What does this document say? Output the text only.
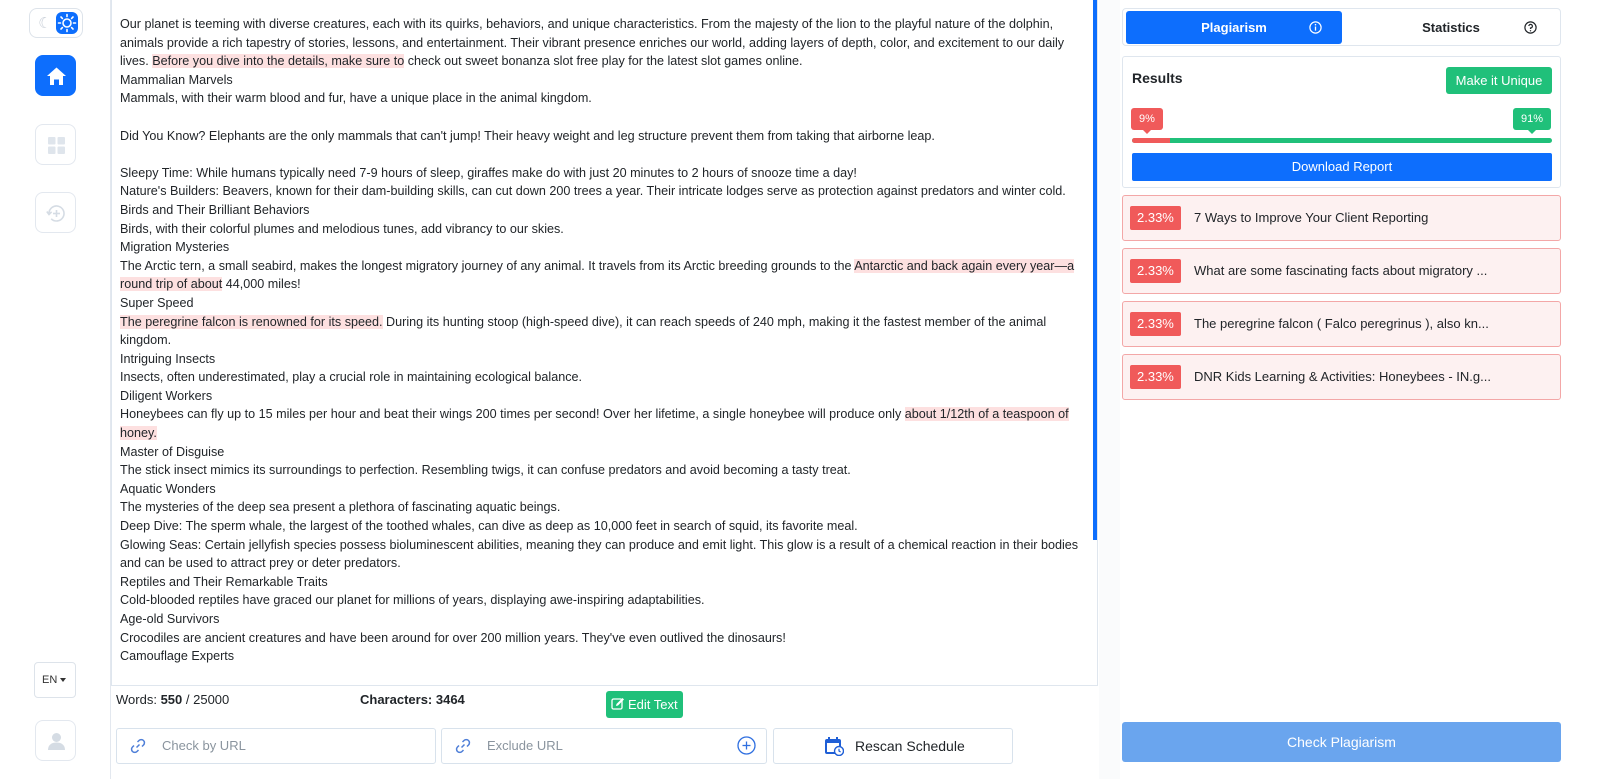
☾
EN

Our planet is teeming with diverse creatures, each with its quirks, behaviors, and unique characteristics. From the majesty of the lion to the playful nature of the dolphin, animals provide a rich tapestry of stories, lessons, and entertainment. Their vibrant presence enriches our world, adding layers of depth, color, and excitement to our daily lives. Before you dive into the details, make sure to check out sweet bonanza slot free play for the latest slot games online.

Mammalian Marvels

Mammals, with their warm blood and fur, have a unique place in the animal kingdom.

Did You Know? Elephants are the only mammals that can't jump! Their heavy weight and leg structure prevent them from taking that airborne leap.

Sleepy Time: While humans typically need 7-9 hours of sleep, giraffes make do with just 20 minutes to 2 hours of snooze time a day!

Nature's Builders: Beavers, known for their dam-building skills, can cut down 200 trees a year. Their intricate lodges serve as protection against predators and winter cold.

Birds and Their Brilliant Behaviors

Birds, with their colorful plumes and melodious tunes, add vibrancy to our skies.

Migration Mysteries

The Arctic tern, a small seabird, makes the longest migratory journey of any animal. It travels from its Arctic breeding grounds to the Antarctic and back again every year—a round trip of about 44,000 miles!

Super Speed

The peregrine falcon is renowned for its speed. During its hunting stoop (high-speed dive), it can reach speeds of 240 mph, making it the fastest member of the animal kingdom.

Intriguing Insects

Insects, often underestimated, play a crucial role in maintaining ecological balance.

Diligent Workers

Honeybees can fly up to 15 miles per hour and beat their wings 200 times per second! Over her lifetime, a single honeybee will produce only about 1/12th of a teaspoon of honey.

Master of Disguise

The stick insect mimics its surroundings to perfection. Resembling twigs, it can confuse predators and avoid becoming a tasty treat.

Aquatic Wonders

The mysteries of the deep sea present a plethora of fascinating aquatic beings.

Deep Dive: The sperm whale, the largest of the toothed whales, can dive as deep as 10,000 feet in search of squid, its favorite meal.

Glowing Seas: Certain jellyfish species possess bioluminescent abilities, meaning they can produce and emit light. This glow is a result of a chemical reaction in their bodies and can be used to attract prey or deter predators.

Reptiles and Their Remarkable Traits

Cold-blooded reptiles have graced our planet for millions of years, displaying awe-inspiring adaptabilities.

Age-old Survivors

Crocodiles are ancient creatures and have been around for over 200 million years. They've even outlived the dinosaurs!

Camouflage Experts

Words: 550 / 25000	Characters: 3464	Edit Text
Check by URL	Exclude URL	Rescan Schedule
Plagiarism	Statistics
Results	Make it Unique
9%	91%
Download Report
2.33%	7 Ways to Improve Your Client Reporting
2.33%	What are some fascinating facts about migratory ...
2.33%	The peregrine falcon ( Falco peregrinus ), also kn...
2.33%	DNR Kids Learning & Activities: Honeybees - IN.g...
Check Plagiarism
